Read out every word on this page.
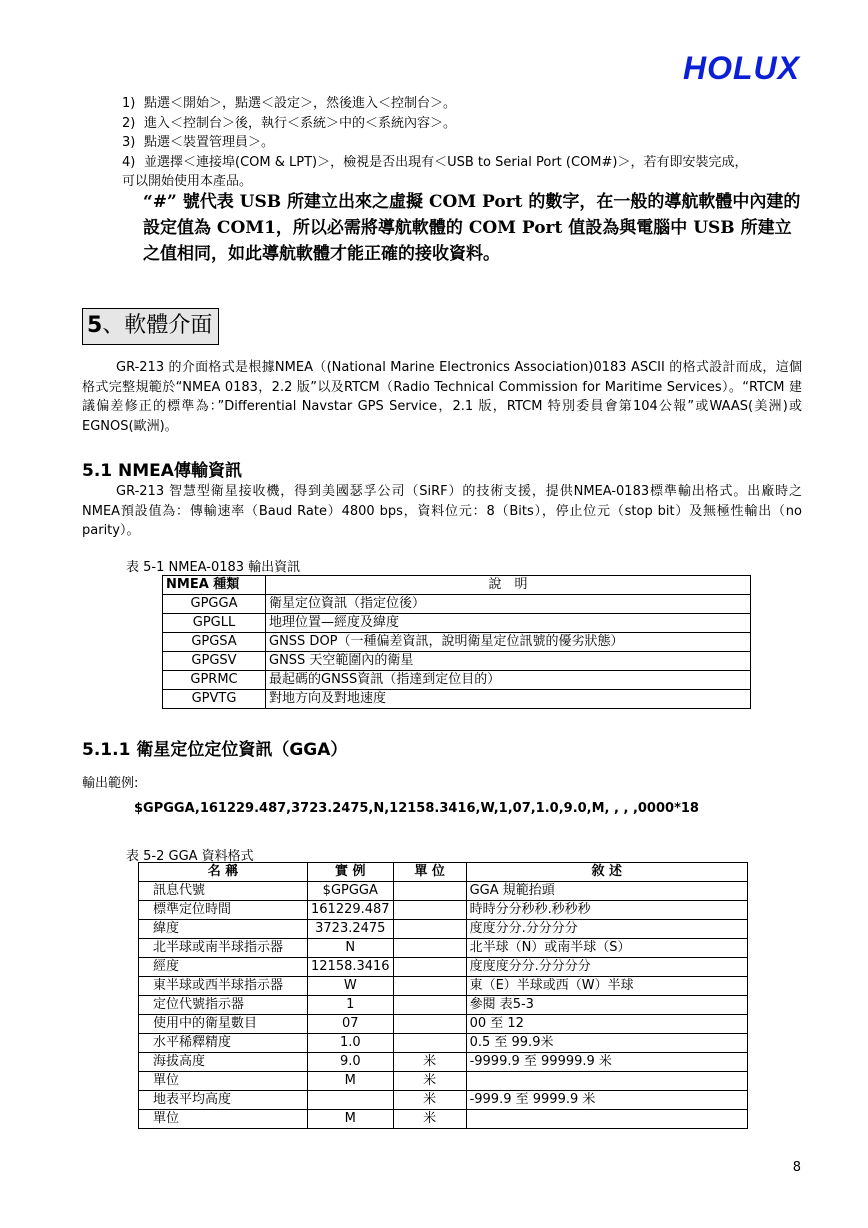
HOLUX
1) 點選＜開始＞，點選＜設定＞，然後進入＜控制台＞。
2) 進入＜控制台＞後，執行＜系統＞中的＜系統內容＞。
3) 點選＜裝置管理員＞。
4) 並選擇＜連接埠(COM & LPT)＞，檢視是否出現有＜USB to Serial Port (COM#)＞，若有即安裝完成，
可以開始使用本產品。
“#” 號代表 USB 所建立出來之虛擬 COM Port 的數字，在一般的導航軟體中內建的設定值為 COM1，所以必需將導航軟體的 COM Port 值設為與電腦中 USB 所建立之值相同，如此導航軟體才能正確的接收資料。
5、軟體介面

GR-213 的介面格式是根據NMEA（(National Marine Electronics Association)0183 ASCII 的格式設計而成，這個格式完整規範於“NMEA 0183，2.2 版”以及RTCM（Radio Technical Commission for Maritime Services）。“RTCM 建議偏差修正的標準為：”Differential Navstar GPS Service，2.1 版，RTCM 特別委員會第104公報”或WAAS(美洲)或EGNOS(歐洲)。

5.1 NMEA傳輸資訊

GR-213 智慧型衛星接收機，得到美國瑟孚公司（SiRF）的技術支援，提供NMEA-0183標準輸出格式。出廠時之NMEA預設值為：傳輸速率（Baud Rate）4800 bps，資料位元：8（Bits），停止位元（stop bit）及無極性輸出（no parity）。

表 5-1 NMEA-0183 輸出資訊
NMEA 種類	說　明
GPGGA	衛星定位資訊（指定位後）
GPGLL	地理位置—經度及緯度
GPGSA	GNSS DOP（一種偏差資訊，說明衛星定位訊號的優劣狀態）
GPGSV	GNSS 天空範圍內的衛星
GPRMC	最起碼的GNSS資訊（指達到定位目的）
GPVTG	對地方向及對地速度
5.1.1 衛星定位定位資訊（GGA）
輸出範例:
$GPGGA,161229.487,3723.2475,N,12158.3416,W,1,07,1.0,9.0,M, , , ,0000*18
表 5-2 GGA 資料格式
名 稱	實 例	單 位	敘 述
訊息代號	$GPGGA		GGA 規範抬頭
標準定位時間	161229.487		時時分分秒秒.秒秒秒
緯度	3723.2475		度度分分.分分分分
北半球或南半球指示器	N		北半球（N）或南半球（S）
經度	12158.3416		度度度分分.分分分分
東半球或西半球指示器	W		東（E）半球或西（W）半球
定位代號指示器	1		參閱 表5-3
使用中的衛星數目	07		00 至 12
水平稀釋精度	1.0		0.5 至 99.9米
海拔高度	9.0	米	-9999.9 至 99999.9 米
單位	M	米	
地表平均高度		米	-999.9 至 9999.9 米
單位	M	米	
8
